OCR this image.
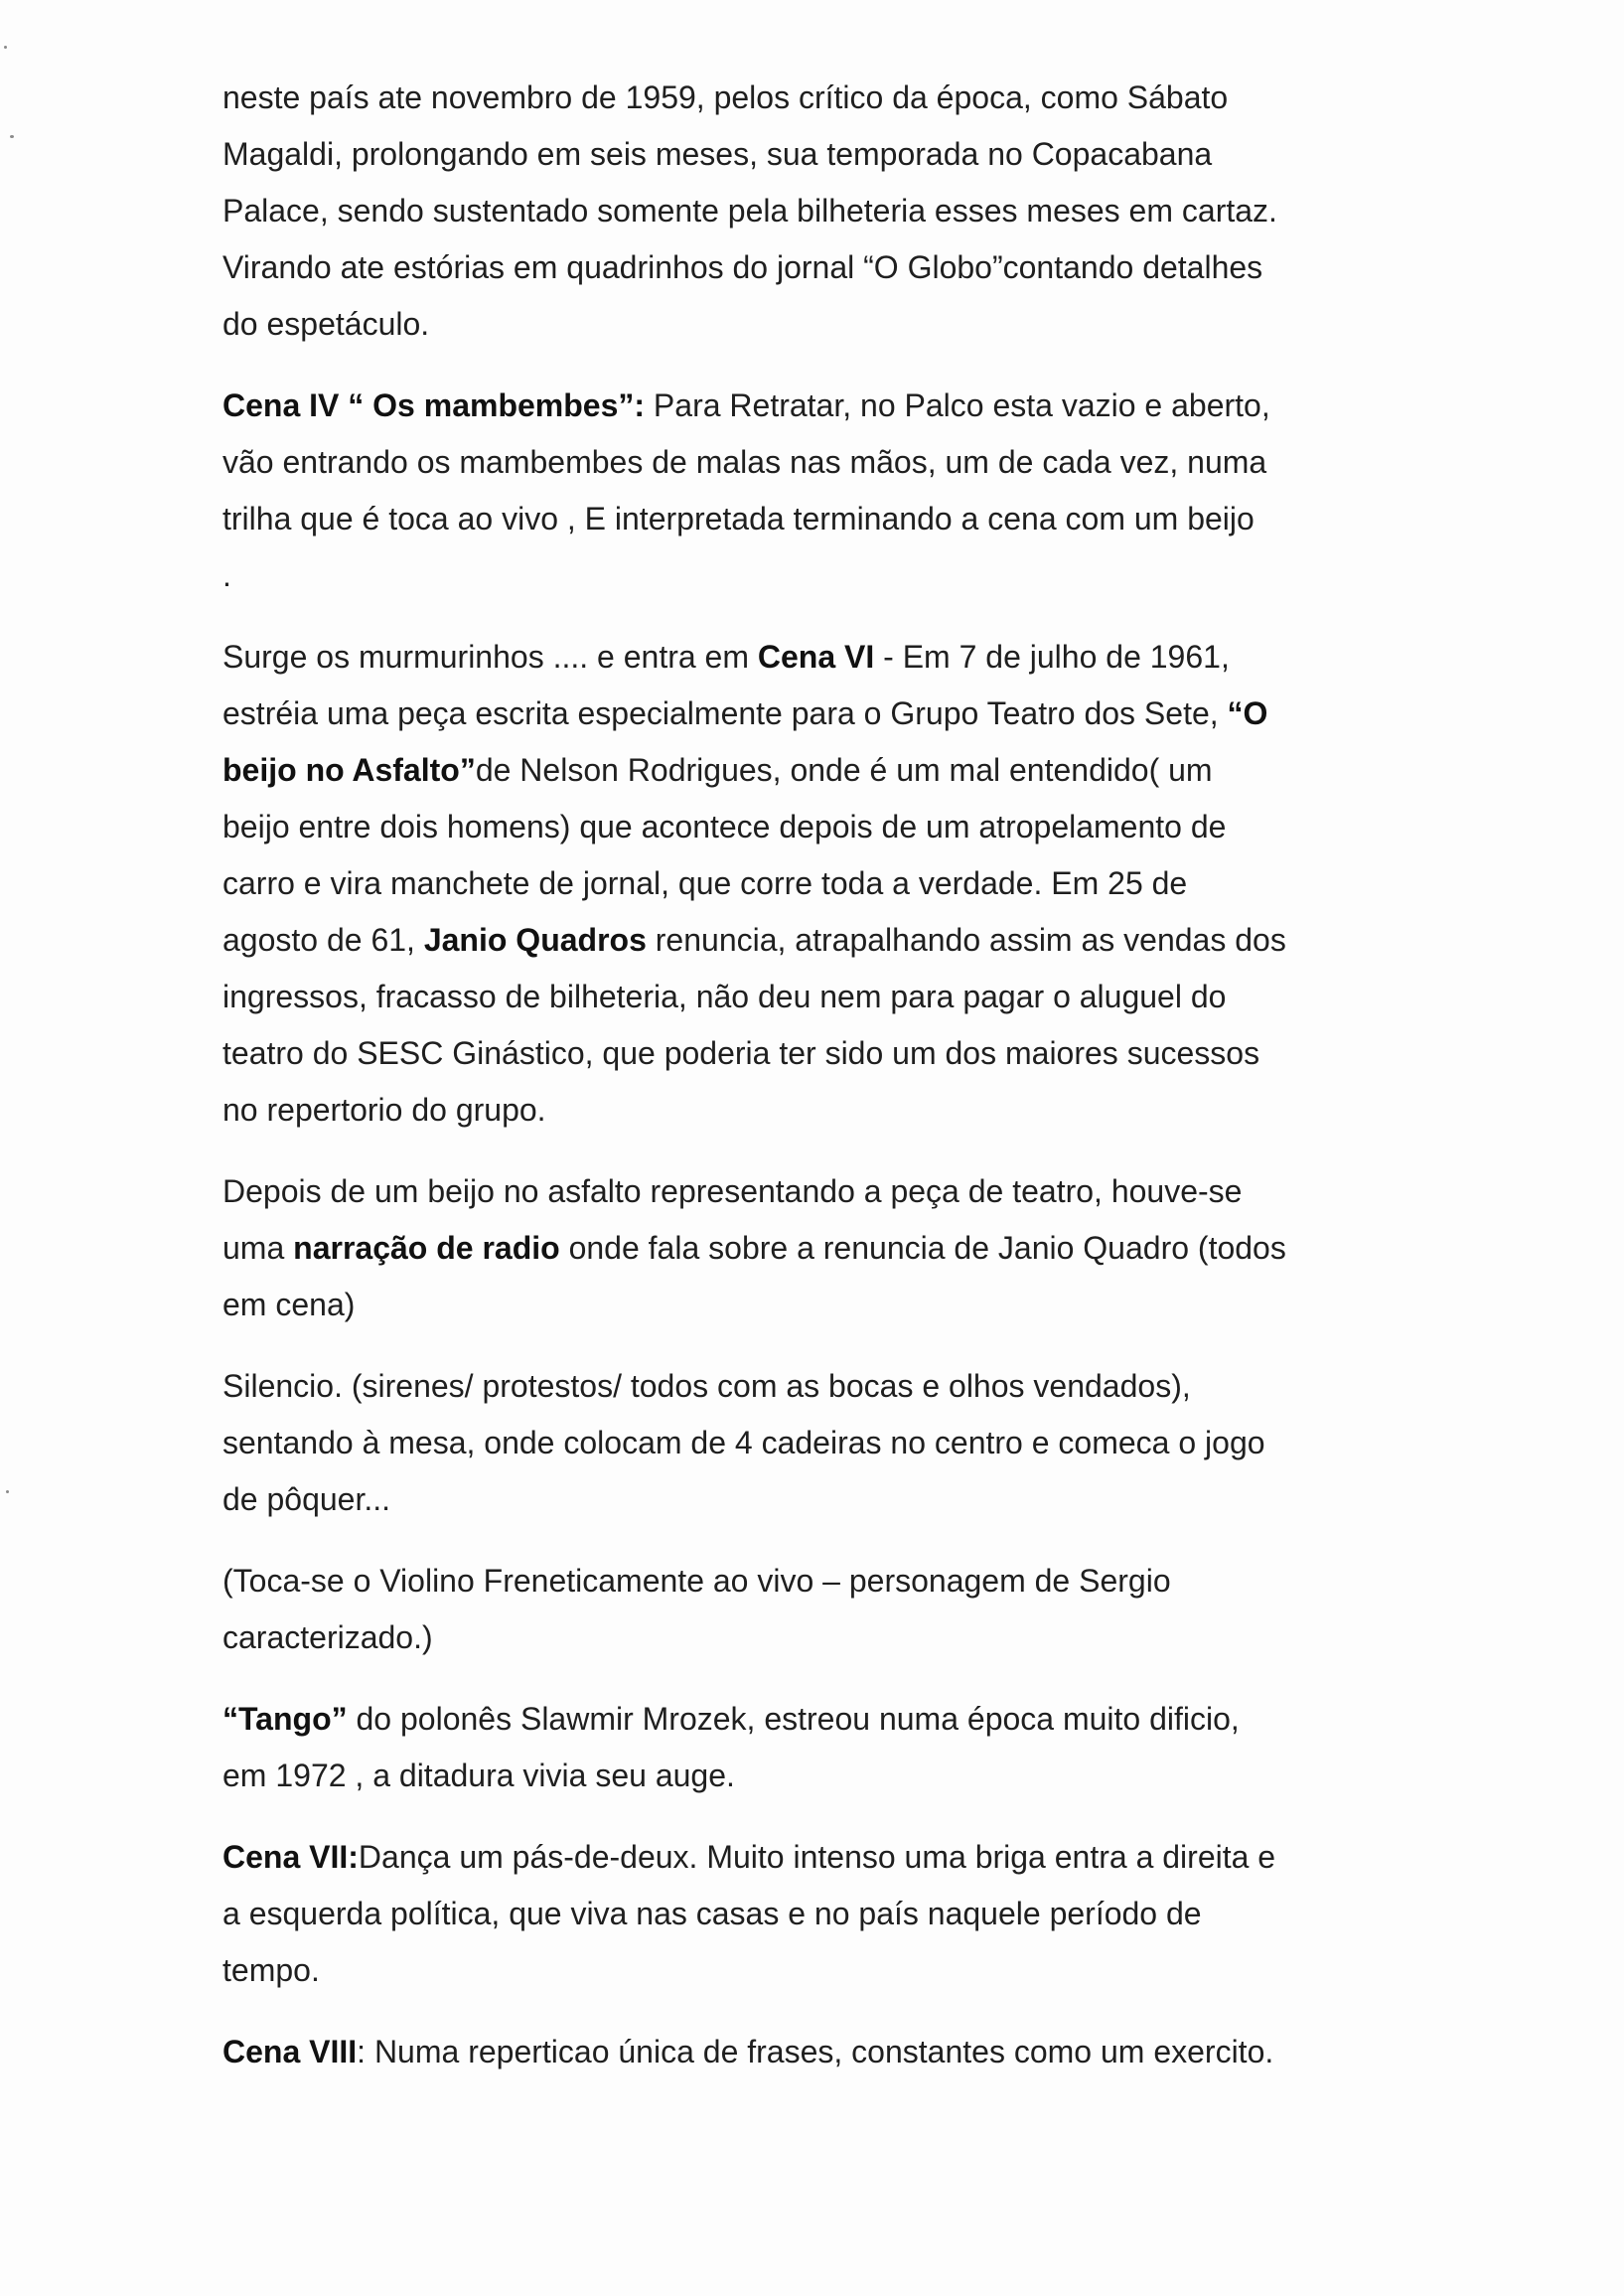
neste país ate novembro de 1959, pelos crítico da época, como Sábato
Magaldi, prolongando em seis meses, sua temporada no Copacabana
Palace, sendo sustentado somente pela bilheteria esses meses em cartaz.
Virando ate estórias em quadrinhos do jornal “O Globo”contando detalhes
do espetáculo.

Cena IV “ Os mambembes”: Para Retratar, no Palco esta vazio e aberto,
vão entrando os mambembes de malas nas mãos, um de cada vez, numa
trilha que é toca ao vivo , E interpretada terminando a cena com um beijo
.

Surge os murmurinhos .... e entra em Cena VI - Em 7 de julho de 1961,
estréia uma peça escrita especialmente para o Grupo Teatro dos Sete, “O
beijo no Asfalto”de Nelson Rodrigues, onde é um mal entendido( um
beijo entre dois homens) que acontece depois de um atropelamento de
carro e vira manchete de jornal, que corre toda a verdade. Em 25 de
agosto de 61, Janio Quadros renuncia, atrapalhando assim as vendas dos
ingressos, fracasso de bilheteria, não deu nem para pagar o aluguel do
teatro do SESC Ginástico, que poderia ter sido um dos maiores sucessos
no repertorio do grupo.

Depois de um beijo no asfalto representando a peça de teatro, houve-se
uma narração de radio onde fala sobre a renuncia de Janio Quadro (todos
em cena)

Silencio. (sirenes/ protestos/ todos com as bocas e olhos vendados),
sentando à mesa, onde colocam de 4 cadeiras no centro e comeca o jogo
de pôquer...

(Toca-se o Violino Freneticamente ao vivo – personagem de Sergio
caracterizado.)

“Tango” do polonês Slawmir Mrozek, estreou numa época muito dificio,
em 1972 , a ditadura vivia seu auge.

Cena VII:Dança um pás-de-deux. Muito intenso uma briga entra a direita e
a esquerda política, que viva nas casas e no país naquele período de
tempo.

Cena VIII: Numa reperticao única de frases, constantes como um exercito.
